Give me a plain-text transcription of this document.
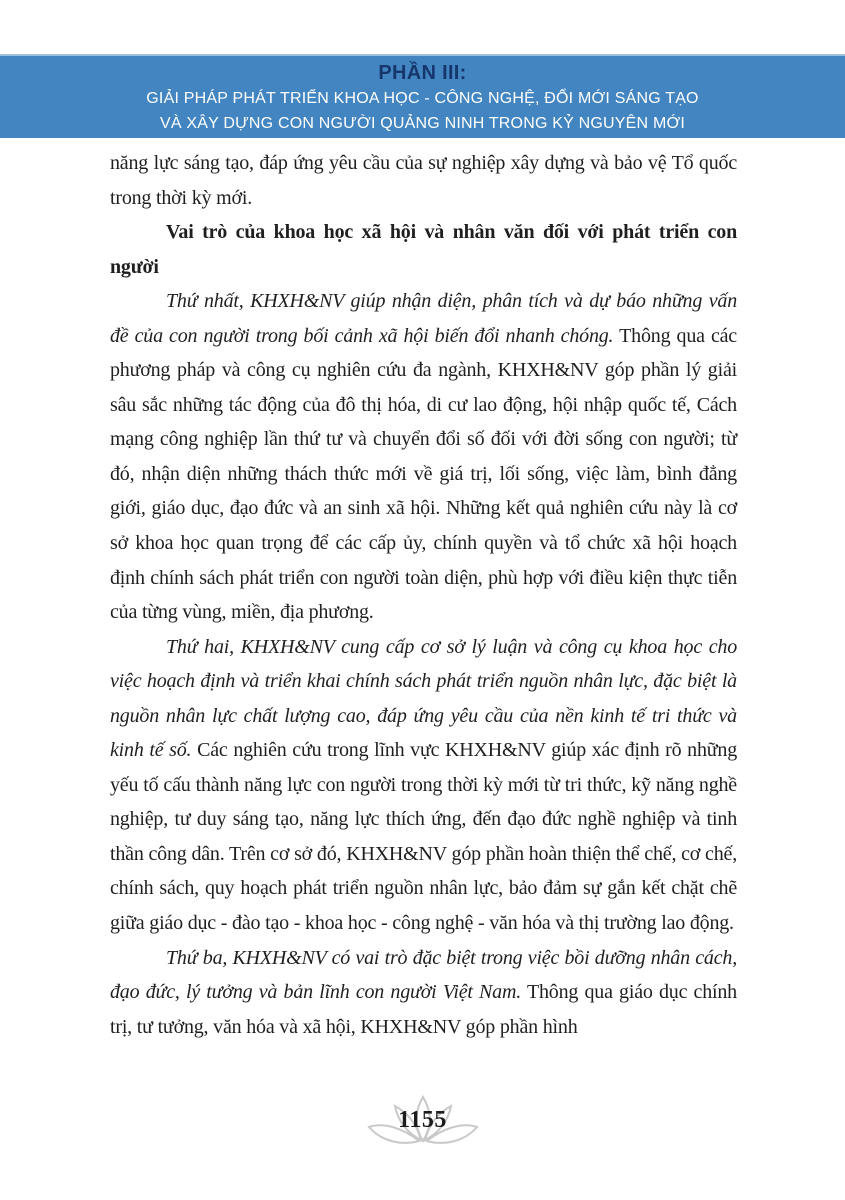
PHẦN III:
GIẢI PHÁP PHÁT TRIỂN KHOA HỌC - CÔNG NGHỆ, ĐỔI MỚI SÁNG TẠO
VÀ XÂY DỰNG CON NGƯỜI QUẢNG NINH TRONG KỶ NGUYÊN MỚI

năng lực sáng tạo, đáp ứng yêu cầu của sự nghiệp xây dựng và bảo vệ Tổ quốc trong thời kỳ mới.

Vai trò của khoa học xã hội và nhân văn đối với phát triển con người

Thứ nhất, KHXH&NV giúp nhận diện, phân tích và dự báo những vấn đề của con người trong bối cảnh xã hội biến đổi nhanh chóng. Thông qua các phương pháp và công cụ nghiên cứu đa ngành, KHXH&NV góp phần lý giải sâu sắc những tác động của đô thị hóa, di cư lao động, hội nhập quốc tế, Cách mạng công nghiệp lần thứ tư và chuyển đổi số đối với đời sống con người; từ đó, nhận diện những thách thức mới về giá trị, lối sống, việc làm, bình đẳng giới, giáo dục, đạo đức và an sinh xã hội. Những kết quả nghiên cứu này là cơ sở khoa học quan trọng để các cấp ủy, chính quyền và tổ chức xã hội hoạch định chính sách phát triển con người toàn diện, phù hợp với điều kiện thực tiễn của từng vùng, miền, địa phương.

Thứ hai, KHXH&NV cung cấp cơ sở lý luận và công cụ khoa học cho việc hoạch định và triển khai chính sách phát triển nguồn nhân lực, đặc biệt là nguồn nhân lực chất lượng cao, đáp ứng yêu cầu của nền kinh tế tri thức và kinh tế số. Các nghiên cứu trong lĩnh vực KHXH&NV giúp xác định rõ những yếu tố cấu thành năng lực con người trong thời kỳ mới từ tri thức, kỹ năng nghề nghiệp, tư duy sáng tạo, năng lực thích ứng, đến đạo đức nghề nghiệp và tinh thần công dân. Trên cơ sở đó, KHXH&NV góp phần hoàn thiện thể chế, cơ chế, chính sách, quy hoạch phát triển nguồn nhân lực, bảo đảm sự gắn kết chặt chẽ giữa giáo dục - đào tạo - khoa học - công nghệ - văn hóa và thị trường lao động.

Thứ ba, KHXH&NV có vai trò đặc biệt trong việc bồi dưỡng nhân cách, đạo đức, lý tưởng và bản lĩnh con người Việt Nam. Thông qua giáo dục chính trị, tư tưởng, văn hóa và xã hội, KHXH&NV góp phần hình

1155
